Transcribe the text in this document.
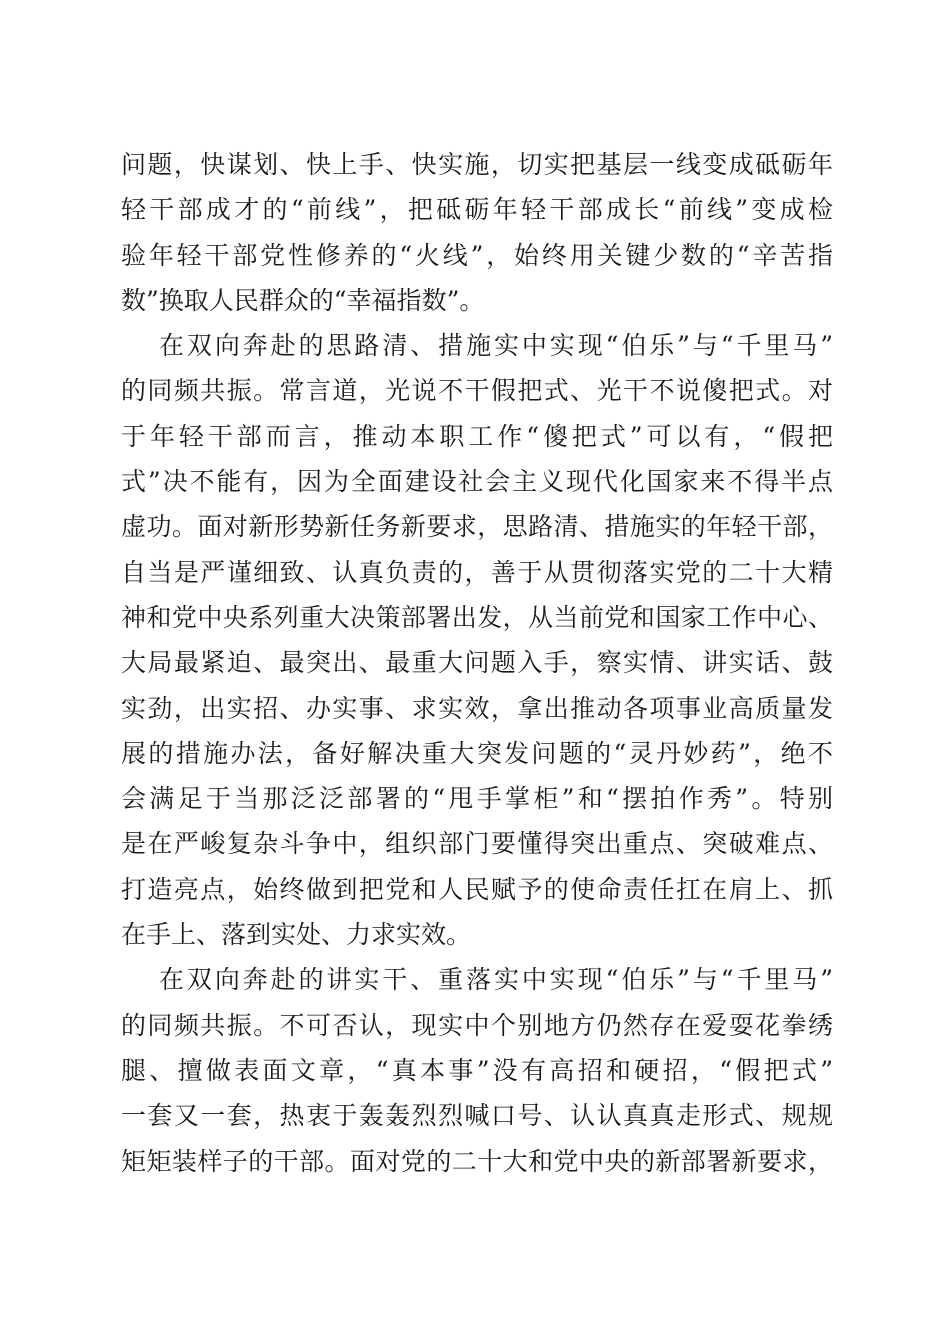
问题，快谋划、快上手、快实施，切实把基层一线变成砥砺年
轻干部成才的“前线”，把砥砺年轻干部成长“前线”变成检
验年轻干部党性修养的“火线”，始终用关键少数的“辛苦指
数”换取人民群众的“幸福指数”。
在双向奔赴的思路清、措施实中实现“伯乐”与“千里马”
的同频共振。常言道，光说不干假把式、光干不说傻把式。对
于年轻干部而言，推动本职工作“傻把式”可以有，“假把
式”决不能有，因为全面建设社会主义现代化国家来不得半点
虚功。面对新形势新任务新要求，思路清、措施实的年轻干部，
自当是严谨细致、认真负责的，善于从贯彻落实党的二十大精
神和党中央系列重大决策部署出发，从当前党和国家工作中心、
大局最紧迫、最突出、最重大问题入手，察实情、讲实话、鼓
实劲，出实招、办实事、求实效，拿出推动各项事业高质量发
展的措施办法，备好解决重大突发问题的“灵丹妙药”，绝不
会满足于当那泛泛部署的“甩手掌柜”和“摆拍作秀”。特别
是在严峻复杂斗争中，组织部门要懂得突出重点、突破难点、
打造亮点，始终做到把党和人民赋予的使命责任扛在肩上、抓
在手上、落到实处、力求实效。
在双向奔赴的讲实干、重落实中实现“伯乐”与“千里马”
的同频共振。不可否认，现实中个别地方仍然存在爱耍花拳绣
腿、擅做表面文章，“真本事”没有高招和硬招，“假把式”
一套又一套，热衷于轰轰烈烈喊口号、认认真真走形式、规规
矩矩装样子的干部。面对党的二十大和党中央的新部署新要求，
